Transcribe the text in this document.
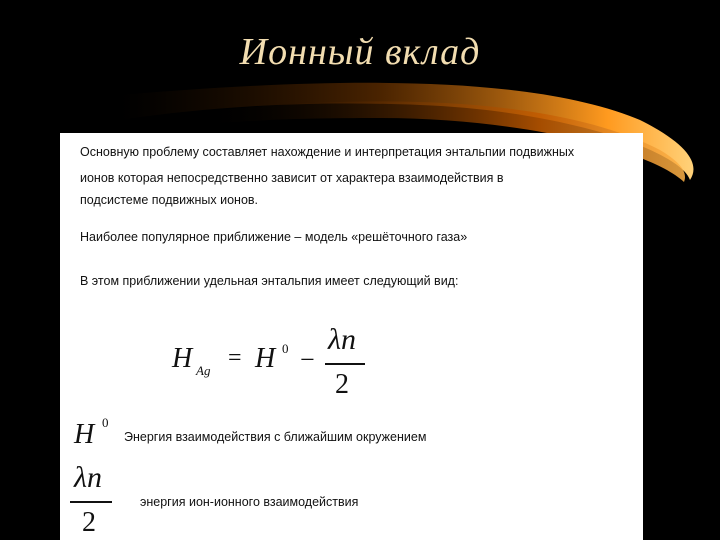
Ионный вклад
Основную проблему составляет нахождение и интерпретация энтальпии подвижных
ионов которая непосредственно зависит от характера взаимодействия в
подсистеме подвижных ионов.
Наиболее популярное приближение – модель «решёточного газа»
В этом приближении удельная энтальпия имеет следующий вид:
H Ag = H 0 −
λn
2
H 0
Энергия взаимодействия с ближайшим окружением
λn
2
энергия ион-ионного взаимодействия
